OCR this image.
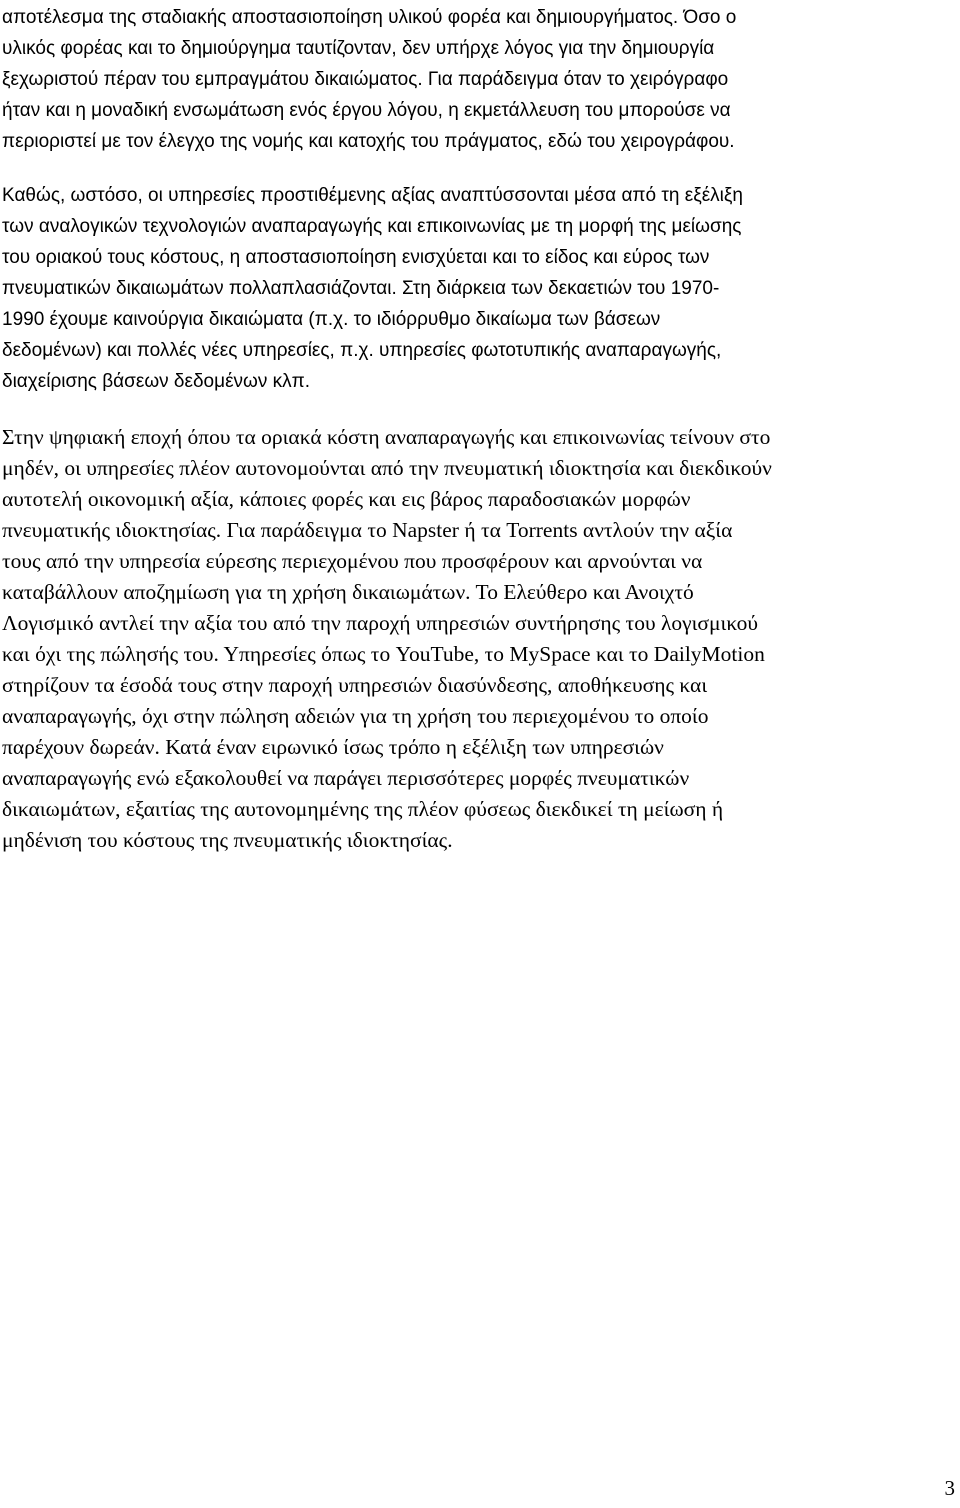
αποτέλεσμα της σταδιακής αποστασιοποίηση υλικού φορέα και δημιουργήματος. Όσο ο
υλικός φορέας και το δημιούργημα ταυτίζονταν, δεν υπήρχε λόγος για την δημιουργία
ξεχωριστού πέραν του εμπραγμάτου δικαιώματος. Για παράδειγμα όταν το χειρόγραφο
ήταν και η μοναδική ενσωμάτωση ενός έργου λόγου, η εκμετάλλευση του μπορούσε να
περιοριστεί με τον έλεγχο της νομής και κατοχής του πράγματος, εδώ του χειρογράφου.
Καθώς, ωστόσο, οι υπηρεσίες προστιθέμενης αξίας αναπτύσσονται μέσα από τη εξέλιξη
των αναλογικών τεχνολογιών αναπαραγωγής και επικοινωνίας με τη μορφή της μείωσης
του οριακού τους κόστους, η αποστασιοποίηση ενισχύεται και το είδος και εύρος των
πνευματικών δικαιωμάτων πολλαπλασιάζονται. Στη διάρκεια των δεκαετιών του 1970-
1990 έχουμε καινούργια δικαιώματα (π.χ. το ιδιόρρυθμο δικαίωμα των βάσεων
δεδομένων) και πολλές νέες υπηρεσίες, π.χ. υπηρεσίες φωτοτυπικής αναπαραγωγής,
διαχείρισης βάσεων δεδομένων κλπ.
Στην ψηφιακή εποχή όπου τα οριακά κόστη αναπαραγωγής και επικοινωνίας τείνουν στο
μηδέν, οι υπηρεσίες πλέον αυτονομούνται από την πνευματική ιδιοκτησία και διεκδικούν
αυτοτελή οικονομική αξία, κάποιες φορές και εις βάρος παραδοσιακών μορφών
πνευματικής ιδιοκτησίας. Για παράδειγμα το Napster ή τα Torrents αντλούν την αξία
τους από την υπηρεσία εύρεσης περιεχομένου που προσφέρουν και αρνούνται να
καταβάλλουν αποζημίωση για τη χρήση δικαιωμάτων. Το Ελεύθερο και Ανοιχτό
Λογισμικό αντλεί την αξία του από την παροχή υπηρεσιών συντήρησης του λογισμικού
και όχι της πώλησής του. Υπηρεσίες όπως το YouTube, το MySpace και το DailyMotion
στηρίζουν τα έσοδά τους στην παροχή υπηρεσιών διασύνδεσης, αποθήκευσης και
αναπαραγωγής, όχι στην πώληση αδειών για τη χρήση του περιεχομένου το οποίο
παρέχουν δωρεάν. Κατά έναν ειρωνικό ίσως τρόπο η εξέλιξη των υπηρεσιών
αναπαραγωγής ενώ εξακολουθεί να παράγει περισσότερες μορφές πνευματικών
δικαιωμάτων, εξαιτίας της αυτονομημένης της πλέον φύσεως διεκδικεί τη μείωση ή
μηδένιση του κόστους της πνευματικής ιδιοκτησίας.
3
